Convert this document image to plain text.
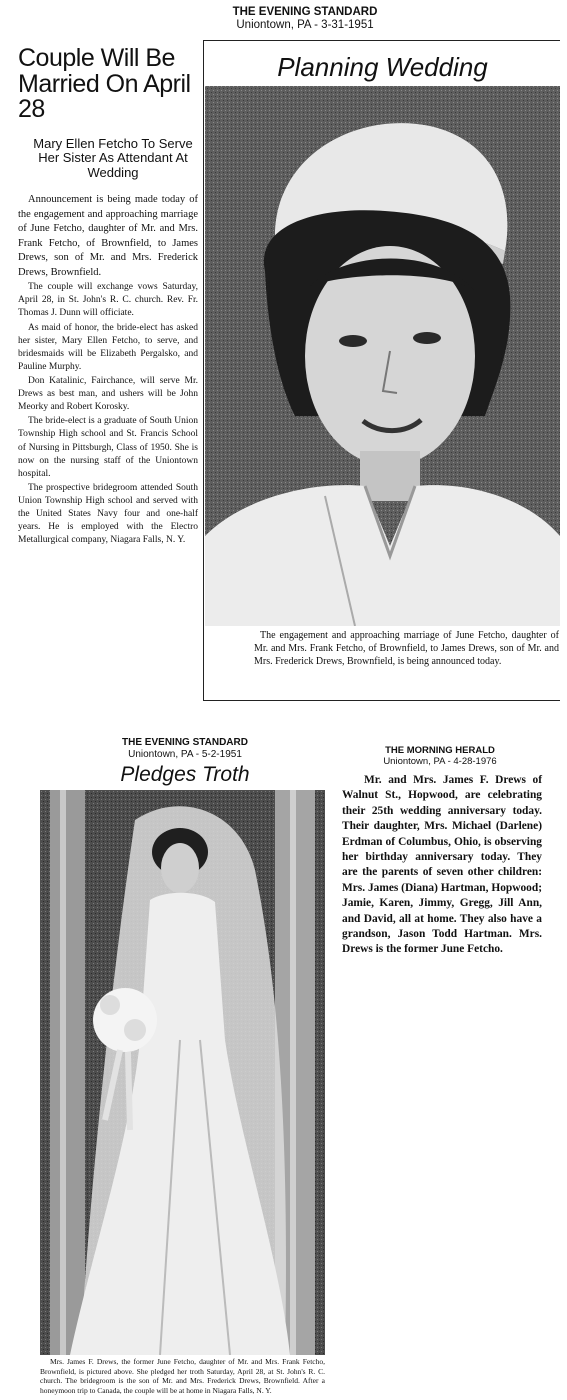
THE EVENING STANDARD
Uniontown, PA - 3-31-1951
Couple Will Be Married On April 28
Mary Ellen Fetcho To Serve Her Sister As Attendant At Wedding

Announcement is being made today of the engagement and approaching marriage of June Fetcho, daughter of Mr. and Mrs. Frank Fetcho, of Brownfield, to James Drews, son of Mr. and Mrs. Frederick Drews, Brownfield.

The couple will exchange vows Saturday, April 28, in St. John's R. C. church. Rev. Fr. Thomas J. Dunn will officiate.

As maid of honor, the bride-elect has asked her sister, Mary Ellen Fetcho, to serve, and bridesmaids will be Elizabeth Pergalsko, and Pauline Murphy.

Don Katalinic, Fairchance, will serve Mr. Drews as best man, and ushers will be John Meorky and Robert Korosky.

The bride-elect is a graduate of South Union Township High school and St. Francis School of Nursing in Pittsburgh, Class of 1950. She is now on the nursing staff of the Uniontown hospital.

The prospective bridegroom attended South Union Township High school and served with the United States Navy four and one-half years. He is employed with the Electro Metallurgical company, Niagara Falls, N. Y.

Planning Wedding
The engagement and approaching marriage of June Fetcho, daughter of Mr. and Mrs. Frank Fetcho, of Brownfield, to James Drews, son of Mr. and Mrs. Frederick Drews, Brownfield, is being announced today.
THE EVENING STANDARD
Uniontown, PA - 5-2-1951
Pledges Troth
Mrs. James F. Drews, the former June Fetcho, daughter of Mr. and Mrs. Frank Fetcho, Brownfield, is pictured above. She pledged her troth Saturday, April 28, at St. John's R. C. church. The bridegroom is the son of Mr. and Mrs. Frederick Drews, Brownfield. After a honeymoon trip to Canada, the couple will be at home in Niagara Falls, N. Y.
THE MORNING HERALD
Uniontown, PA - 4-28-1976
Mr. and Mrs. James F. Drews of Walnut St., Hopwood, are celebrating their 25th wedding anniversary today. Their daughter, Mrs. Michael (Darlene) Erdman of Columbus, Ohio, is observing her birthday anniversary today. They are the parents of seven other children: Mrs. James (Diana) Hartman, Hopwood; Jamie, Karen, Jimmy, Gregg, Jill Ann, and David, all at home. They also have a grandson, Jason Todd Hartman. Mrs. Drews is the former June Fetcho.
